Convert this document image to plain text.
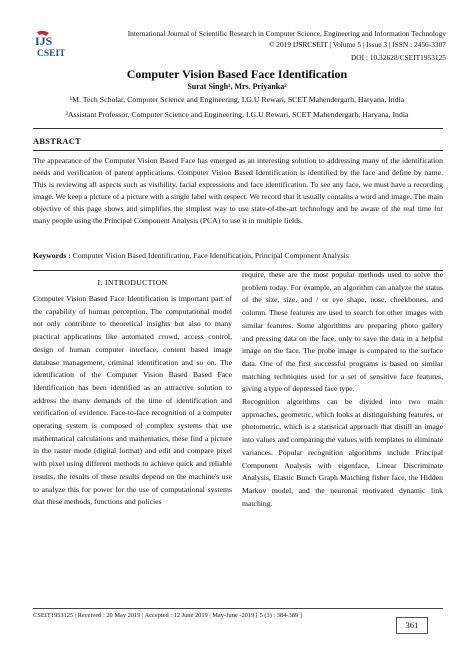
IJS
CSEIT
International Journal of Scientific Research in Computer Science, Engineering and Information Technology
© 2019 IJSRCSEIT | Volume 5 | Issue 3 | ISSN : 2456-3307
DOI : 10.32628/CSEIT1953125
Computer Vision Based Face Identification
Surat Singh¹, Mrs. Priyanka²
¹M. Tech Scholar, Computer Science and Engineering, I.G.U Rewari, SCET Mahendergarh, Haryana, India
²Assistant Professor, Computer Science and Engineering, I.G.U Rewari, SCET Mahendergarh, Haryana, India
ABSTRACT
The appearance of the Computer Vision Based Face has emerged as an interesting solution to addressing many of the identification needs and verification of patent applications. Computer Vision Based Identification is identified by the face and define by name. This is reviewing all aspects such as visibility, facial expressions and face identification. To see any face, we must have a recording image. We keep a picture of a picture with a single label with respect. We record that it usually contains a word and image. The main objective of this page shows and simplifies the simplest way to use state-of-the-art technology and be aware of the real time for many people using the Principal Component Analysis (PCA) to use it in multiple fields.
Keywords : Computer Vision Based Identification, Face Identification, Principal Component Analysis
I. INTRODUCTION

Computer Vision Based Face Identification is important part of the capability of human perception. The computational model not only contribute to theoretical insights but also to many practical applications like automated crowd, access control, design of human computer interface, content based image database management, criminal identification and so on. The identification of the Computer Vision Based Based Face Identification has been identified as an attractive solution to address the many demands of the time of identification and verification of evidence. Face-to-face recognition of a computer operating system is composed of complex systems that use mathematical calculations and mathematics, these find a picture in the raster mode (digital format) and edit and compare pixel with pixel using different methods to achieve quick and reliable results, the results of these results depend on the machine's use to analyze this for power for the use of computational systems that these methods, functions and policies

require, these are the most popular methods used to solve the problem today. For example, an algorithm can analyze the status of the size, size, and / or eye shape, nose, cheekbones, and column. These features are used to search for other images with similar features. Some algorithms are preparing photo gallery and pressing data on the face, only to save the data in a helpful image on the face. The probe image is compared to the surface data. One of the first successful programs is based on similar matching techniques used for a set of sensitive face features, giving a type of depressed face type.

Recognition algorithms can be divided into two main approaches, geometric, which looks at distinguishing features, or photometric, which is a statistical approach that distill an image into values and comparing the values with templates to eliminate variances. Popular recognition algorithms include Principal Component Analysis with eigenface, Linear Discriminate Analysis, Elastic Bunch Graph Matching fisher face, the Hidden Markov model, and the neuronal motivated dynamic link matching.

CSEIT1953125 | Received : 20 May 2019 | Accepted : 12 June 2019 | May-June -2019 [ 5 (3) : 384-389 ]
361
